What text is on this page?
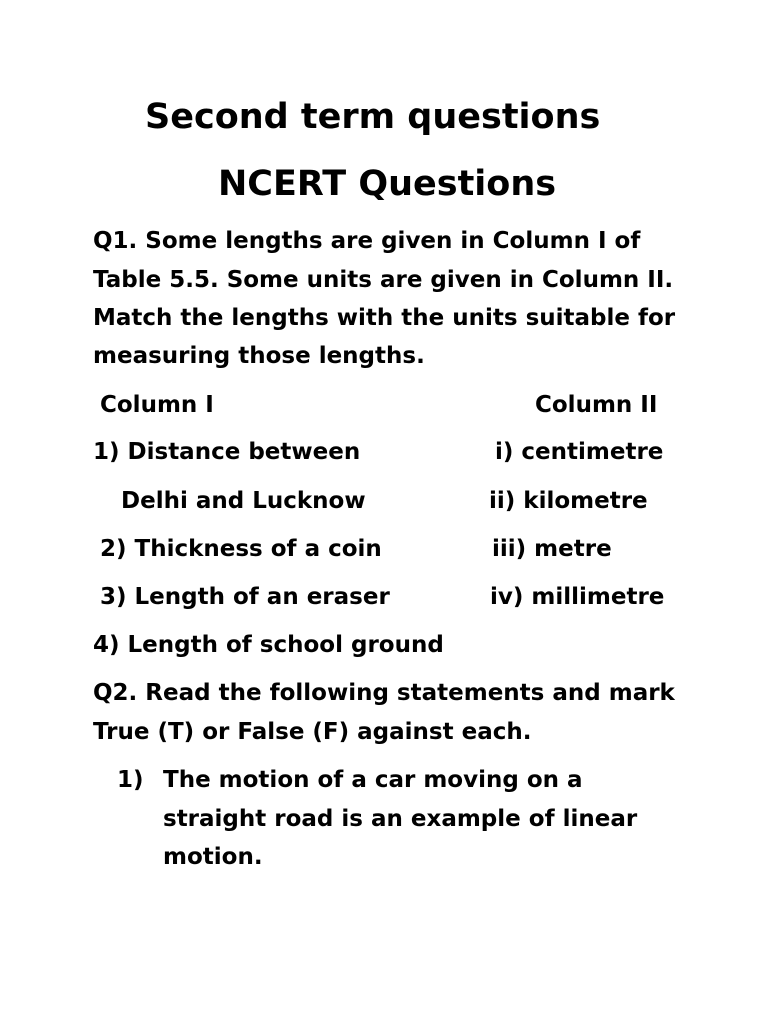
Second term questions
NCERT Questions
Q1. Some lengths are given in Column I of
Table 5.5. Some units are given in Column II.
Match the lengths with the units suitable for
measuring those lengths.
Column I	Column II
1) Distance between	i) centimetre
Delhi and Lucknow	ii) kilometre
2) Thickness of a coin	iii) metre
3) Length of an eraser	iv) millimetre
4) Length of school ground
Q2. Read the following statements and mark
True (T) or False (F) against each.
1) The motion of a car moving on a
straight road is an example of linear
motion.
